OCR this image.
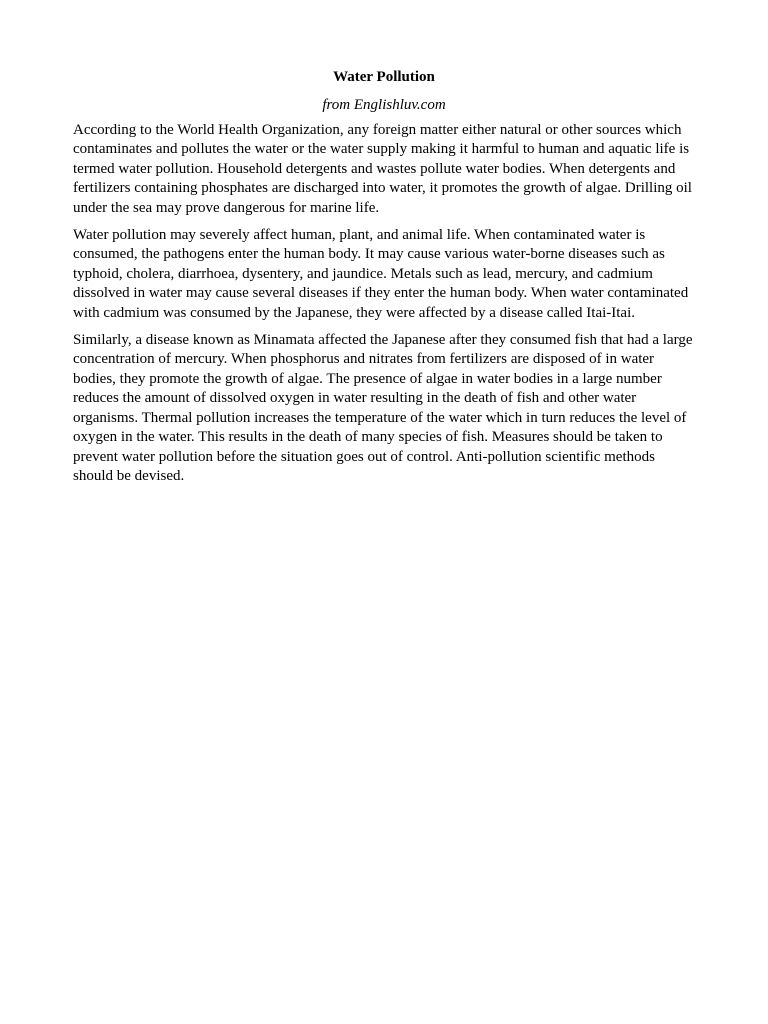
Water Pollution
from Englishluv.com

According to the World Health Organization, any foreign matter either natural or other sources which contaminates and pollutes the water or the water supply making it harmful to human and aquatic life is termed water pollution. Household detergents and wastes pollute water bodies. When detergents and fertilizers containing phosphates are discharged into water, it promotes the growth of algae. Drilling oil under the sea may prove dangerous for marine life.

Water pollution may severely affect human, plant, and animal life. When contaminated water is consumed, the pathogens enter the human body. It may cause various water-borne diseases such as typhoid, cholera, diarrhoea, dysentery, and jaundice. Metals such as lead, mercury, and cadmium dissolved in water may cause several diseases if they enter the human body. When water contaminated with cadmium was consumed by the Japanese, they were affected by a disease called Itai-Itai.

Similarly, a disease known as Minamata affected the Japanese after they consumed fish that had a large concentration of mercury. When phosphorus and nitrates from fertilizers are disposed of in water bodies, they promote the growth of algae. The presence of algae in water bodies in a large number reduces the amount of dissolved oxygen in water resulting in the death of fish and other water organisms. Thermal pollution increases the temperature of the water which in turn reduces the level of oxygen in the water. This results in the death of many species of fish. Measures should be taken to prevent water pollution before the situation goes out of control. Anti-pollution scientific methods should be devised.
